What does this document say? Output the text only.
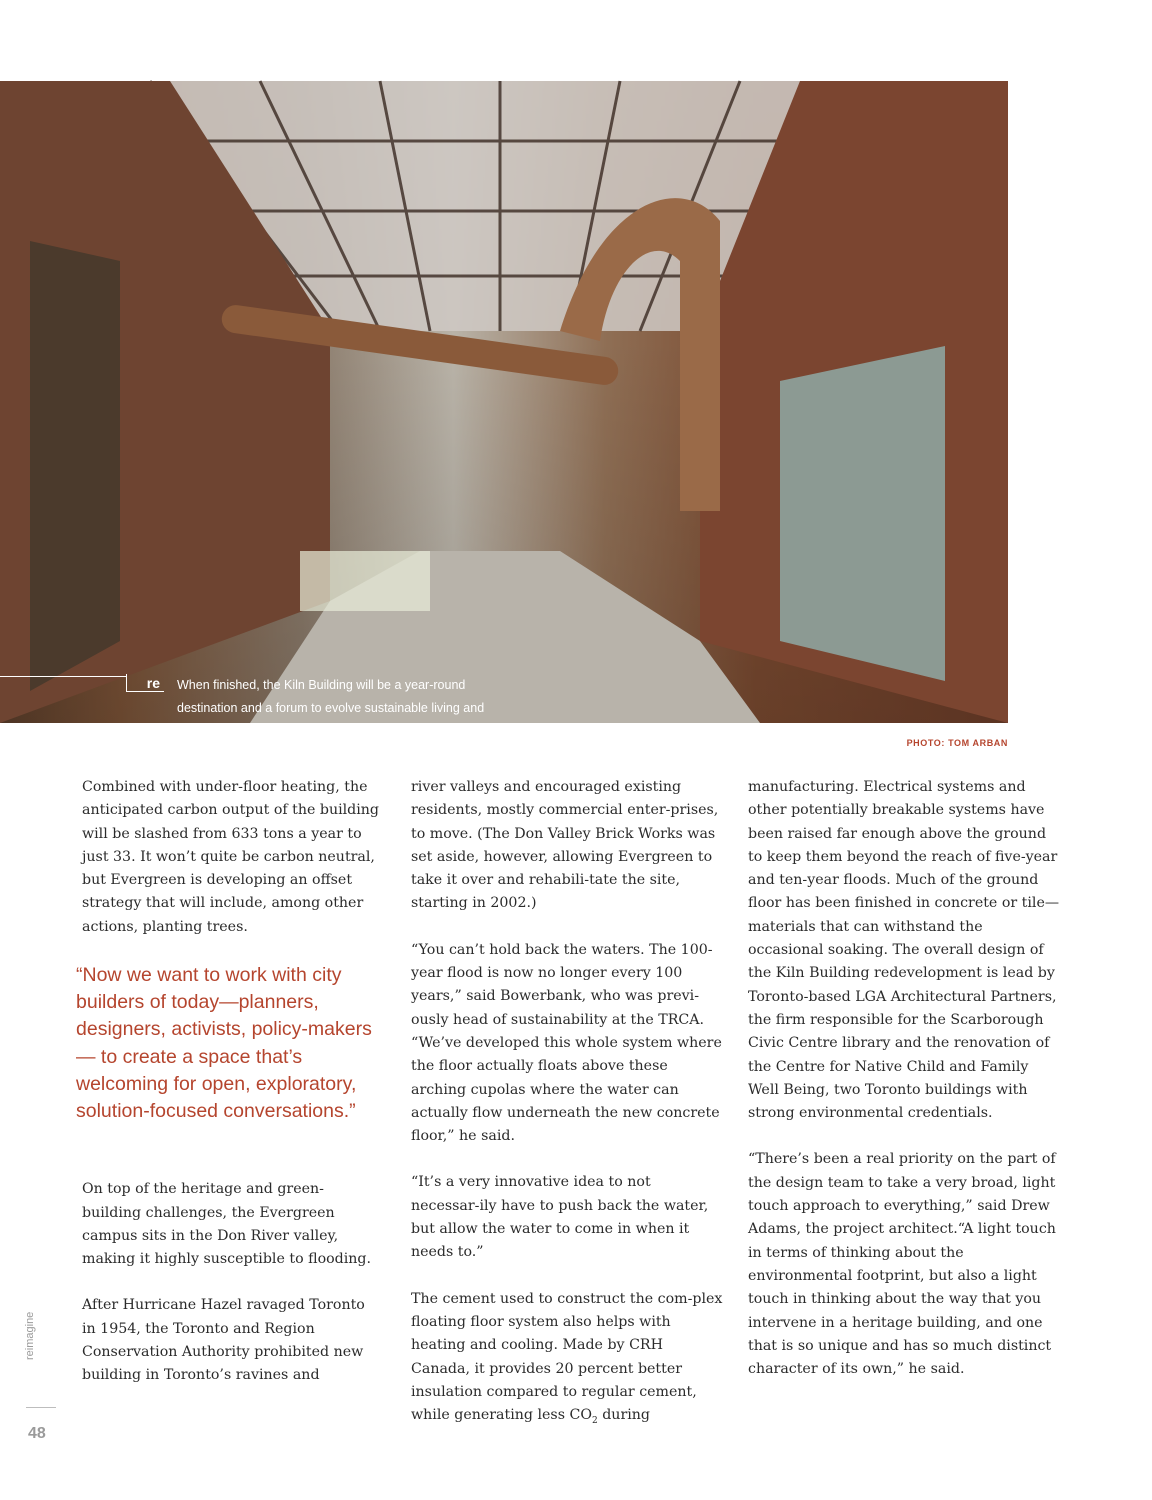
re	When finished, the Kiln Building will be a year-round destination and a forum to evolve sustainable living and building approaches in the 21st century.
PHOTO: TOM ARBAN

Combined with under-floor heating, the anticipated carbon output of the building will be slashed from 633 tons a year to just 33. It won’t quite be carbon neutral, but Evergreen is developing an offset strategy that will include, among other actions, planting trees.

“Now we want to work with city builders of today—planners, designers, activists, policy-makers— to create a space that’s welcoming for open, exploratory, solution-focused conversations.”

On top of the heritage and green-building challenges, the Evergreen campus sits in the Don River valley, making it highly susceptible to flooding.

After Hurricane Hazel ravaged Toronto in 1954, the Toronto and Region Conservation Authority prohibited new building in Toronto’s ravines and

river valleys and encouraged existing residents, mostly commercial enter-prises, to move. (The Don Valley Brick Works was set aside, however, allowing Evergreen to take it over and rehabili-tate the site, starting in 2002.)

“You can’t hold back the waters. The 100-year flood is now no longer every 100 years,” said Bowerbank, who was previ-ously head of sustainability at the TRCA. “We’ve developed this whole system where the floor actually floats above these arching cupolas where the water can actually flow underneath the new concrete floor,” he said.

“It’s a very innovative idea to not necessar-ily have to push back the water, but allow the water to come in when it needs to.”

The cement used to construct the com-plex floating floor system also helps with heating and cooling. Made by CRH Canada, it provides 20 percent better insulation compared to regular cement, while generating less $CO_2$ during

manufacturing. Electrical systems and other potentially breakable systems have been raised far enough above the ground to keep them beyond the reach of five-year and ten-year floods. Much of the ground floor has been finished in concrete or tile— materials that can withstand the occasional soaking. The overall design of the Kiln Building redevelopment is lead by Toronto-based LGA Architectural Partners, the firm responsible for the Scarborough Civic Centre library and the renovation of the Centre for Native Child and Family Well Being, two Toronto buildings with strong environmental credentials.

“There’s been a real priority on the part of the design team to take a very broad, light touch approach to everything,” said Drew Adams, the project architect.“A light touch in terms of thinking about the environmental footprint, but also a light touch in thinking about the way that you intervene in a heritage building, and one that is so unique and has so much distinct character of its own,” he said.

reimagine
48
